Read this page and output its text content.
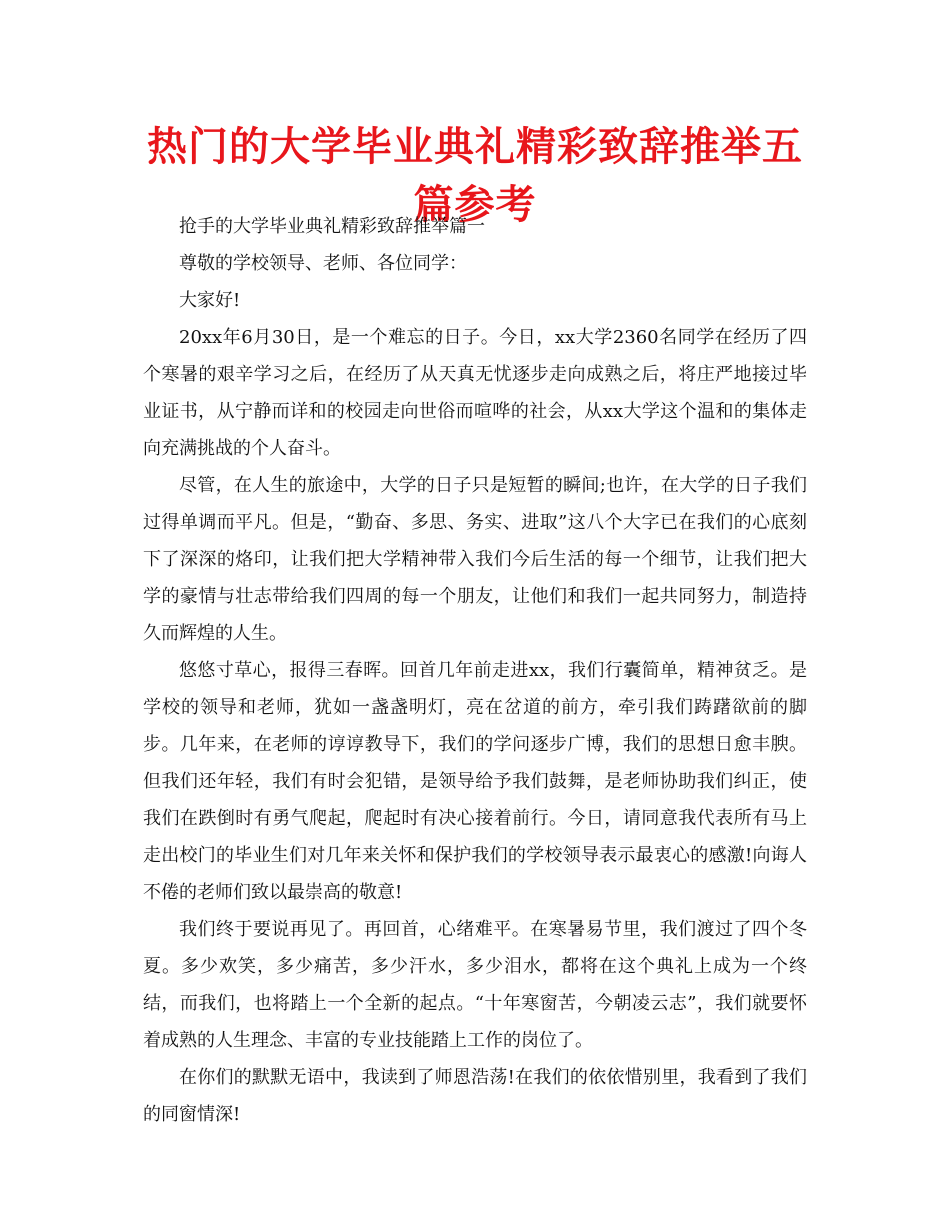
热门的大学毕业典礼精彩致辞推举五篇参考

抢手的大学毕业典礼精彩致辞推举篇一

尊敬的学校领导、老师、各位同学：

大家好!

20xx年6月30日，是一个难忘的日子。今日，xx大学2360名同学在经历了四个寒暑的艰辛学习之后，在经历了从天真无忧逐步走向成熟之后，将庄严地接过毕业证书，从宁静而详和的校园走向世俗而喧哗的社会，从xx大学这个温和的集体走向充满挑战的个人奋斗。

尽管，在人生的旅途中，大学的日子只是短暂的瞬间;也许，在大学的日子我们过得单调而平凡。但是，“勤奋、多思、务实、进取”这八个大字已在我们的心底刻下了深深的烙印，让我们把大学精神带入我们今后生活的每一个细节，让我们把大学的豪情与壮志带给我们四周的每一个朋友，让他们和我们一起共同努力，制造持久而辉煌的人生。

悠悠寸草心，报得三春晖。回首几年前走进xx，我们行囊简单，精神贫乏。是学校的领导和老师，犹如一盏盏明灯，亮在岔道的前方，牵引我们踌躇欲前的脚步。几年来，在老师的谆谆教导下，我们的学问逐步广博，我们的思想日愈丰腴。但我们还年轻，我们有时会犯错，是领导给予我们鼓舞，是老师协助我们纠正，使我们在跌倒时有勇气爬起，爬起时有决心接着前行。今日，请同意我代表所有马上走出校门的毕业生们对几年来关怀和保护我们的学校领导表示最衷心的感激!向诲人不倦的老师们致以最崇高的敬意!

我们终于要说再见了。再回首，心绪难平。在寒暑易节里，我们渡过了四个冬夏。多少欢笑，多少痛苦，多少汗水，多少泪水，都将在这个典礼上成为一个终结，而我们，也将踏上一个全新的起点。“十年寒窗苦，今朝凌云志”，我们就要怀着成熟的人生理念、丰富的专业技能踏上工作的岗位了。

在你们的默默无语中，我读到了师恩浩荡!在我们的依依惜别里，我看到了我们的同窗情深!
